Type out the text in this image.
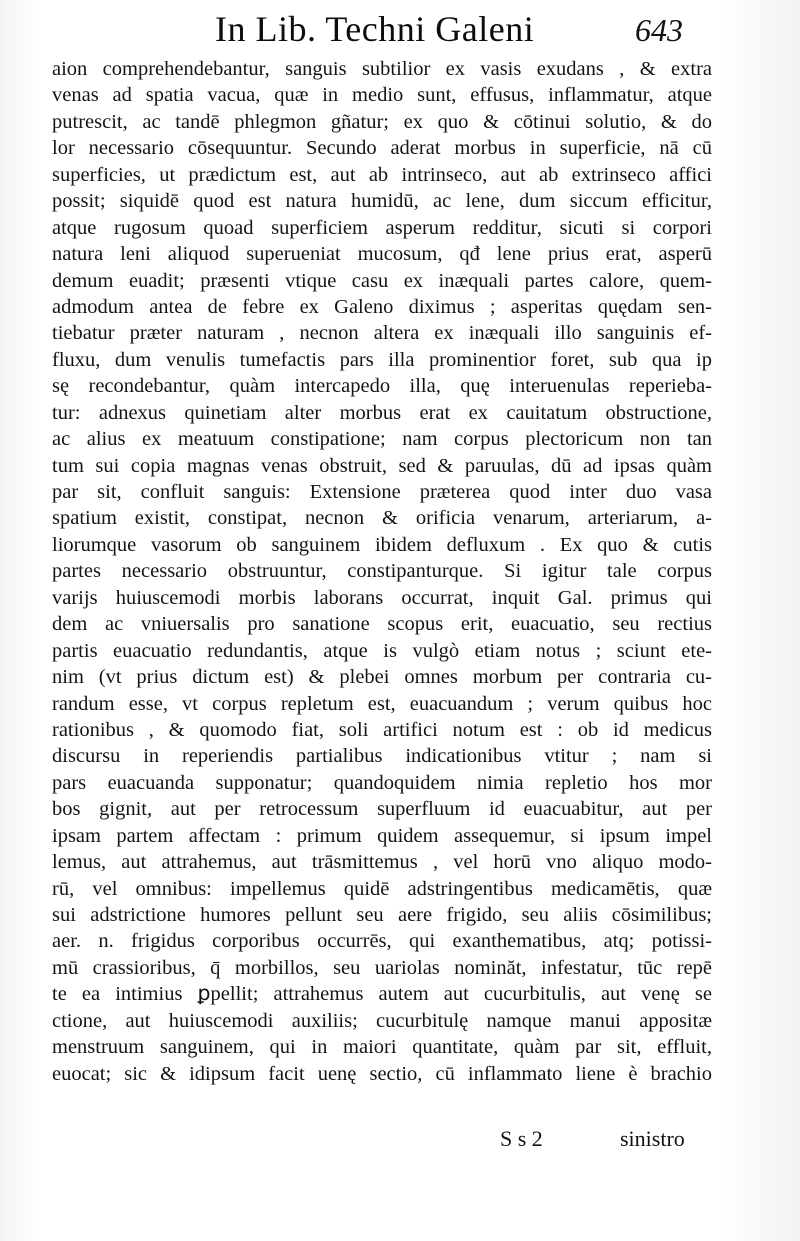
In Lib. Techni Galeni	643
aion comprehendebantur, sanguis subtilior ex vasis exudans , & extra
venas ad spatia vacua, quæ in medio sunt, effusus, inflammatur, atque
putrescit, ac tandē phlegmon gñatur; ex quo & cōtinui solutio, & do
lor necessario cōsequuntur. Secundo aderat morbus in superficie, nā cū
superficies, ut prædictum est, aut ab intrinseco, aut ab extrinseco affici
possit; siquidē quod est natura humidū, ac lene, dum siccum efficitur,
atque rugosum quoad superficiem asperum redditur, sicuti si corpori
natura leni aliquod superueniat mucosum, qđ lene prius erat, asperū
demum euadit; præsenti vtique casu ex inæquali partes calore, quem-
admodum antea de febre ex Galeno diximus ; asperitas quędam sen-
tiebatur præter naturam , necnon altera ex inæquali illo sanguinis ef-
fluxu, dum venulis tumefactis pars illa prominentior foret, sub qua ip
sę recondebantur, quàm intercapedo illa, quę interuenulas reperieba-
tur: adnexus quinetiam alter morbus erat ex cauitatum obstructione,
ac alius ex meatuum constipatione; nam corpus plectoricum non tan
tum sui copia magnas venas obstruit, sed & paruulas, dū ad ipsas quàm
par sit, confluit sanguis: Extensione præterea quod inter duo vasa
spatium existit, constipat, necnon & orificia venarum, arteriarum, a-
liorumque vasorum ob sanguinem ibidem defluxum . Ex quo & cutis
partes necessario obstruuntur, constipanturque. Si igitur tale corpus
varijs huiuscemodi morbis laborans occurrat, inquit Gal. primus qui
dem ac vniuersalis pro sanatione scopus erit, euacuatio, seu rectius
partis euacuatio redundantis, atque is vulgò etiam notus ; sciunt ete-
nim (vt prius dictum est) & plebei omnes morbum per contraria cu-
randum esse, vt corpus repletum est, euacuandum ; verum quibus hoc
rationibus , & quomodo fiat, soli artifici notum est : ob id medicus
discursu in reperiendis partialibus indicationibus vtitur ; nam si
pars euacuanda supponatur; quandoquidem nimia repletio hos mor
bos gignit, aut per retrocessum superfluum id euacuabitur, aut per
ipsam partem affectam : primum quidem assequemur, si ipsum impel
lemus, aut attrahemus, aut trāsmittemus , vel horū vno aliquo modo-
rū, vel omnibus: impellemus quidē adstringentibus medicamētis, quæ
sui adstrictione humores pellunt seu aere frigido, seu aliis cōsimilibus;
aer. n. frigidus corporibus occurrēs, qui exanthematibus, atq; potissi-
mū crassioribus, q̄ morbillos, seu uariolas nominăt, infestatur, tūc repē
te ea intimius ꝑpellit; attrahemus autem aut cucurbitulis, aut venę se
ctione, aut huiuscemodi auxiliis; cucurbitulę namque manui appositæ
menstruum sanguinem, qui in maiori quantitate, quàm par sit, effluit,
euocat; sic & idipsum facit uenę sectio, cū inflammato liene è brachio
S s 2	sinistro
